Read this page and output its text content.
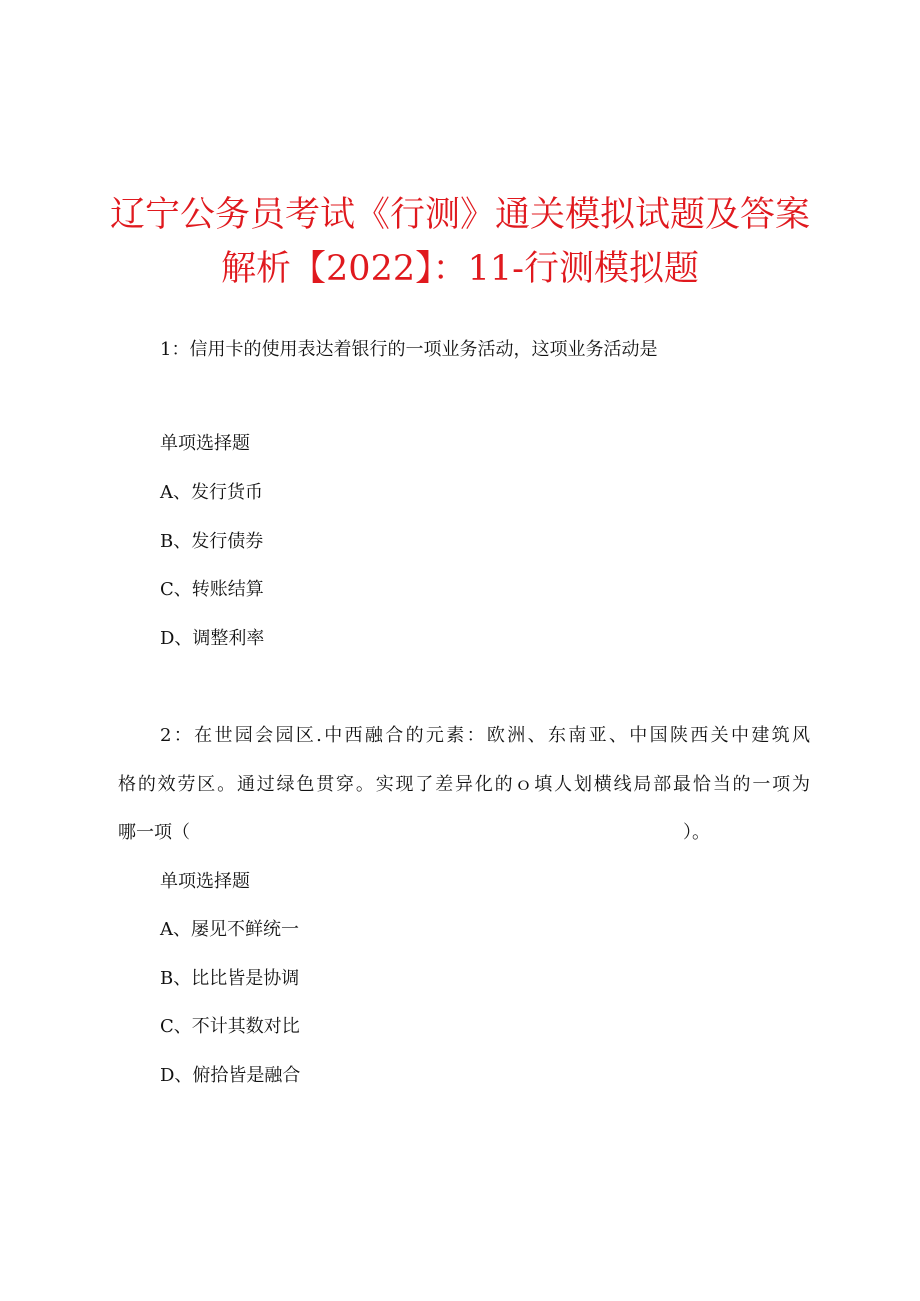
辽宁公务员考试《行测》通关模拟试题及答案
解析【2022】：11-行测模拟题
1：信用卡的使用表达着银行的一项业务活动，这项业务活动是
单项选择题
A、发行货币
B、发行债券
C、转账结算
D、调整利率
2：在世园会园区.中西融合的元素：欧洲、东南亚、中国陕西关中建筑风
格的效劳区。通过绿色贯穿。实现了差异化的ｏ填人划横线局部最恰当的一项为
哪一项（	）。
单项选择题
A、屡见不鲜统一
B、比比皆是协调
C、不计其数对比
D、俯拾皆是融合
